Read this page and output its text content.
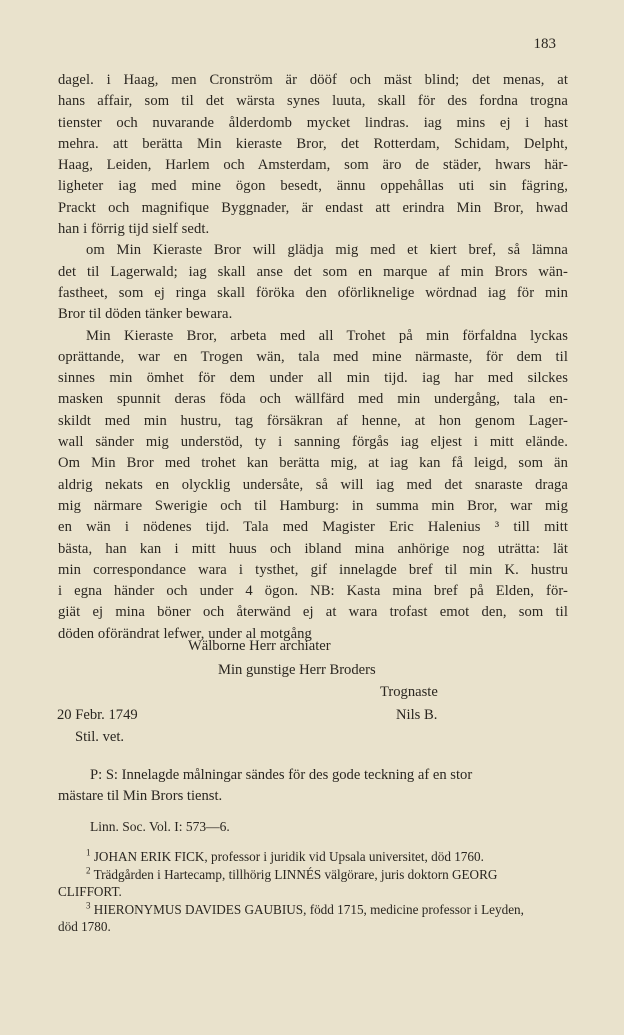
183
dagel. i Haag, men Cronström är dööf och mäst blind; det menas, at
hans affair, som til det wärsta synes luuta, skall för des fordna trogna
tienster och nuvarande ålderdomb mycket lindras. iag mins ej i hast
mehra. att berätta Min kieraste Bror, det Rotterdam, Schidam, Delpht,
Haag, Leiden, Harlem och Amsterdam, som äro de städer, hwars här-
ligheter iag med mine ögon besedt, ännu oppehållas uti sin fägring,
Prackt och magnifique Byggnader, är endast att erindra Min Bror, hwad
han i förrig tijd sielf sedt.
om Min Kieraste Bror will glädja mig med et kiert bref, så lämna
det til Lagerwald; iag skall anse det som en marque af min Brors wän-
fastheet, som ej ringa skall föröka den oförliknelige wördnad iag för min
Bror til döden tänker bewara.
Min Kieraste Bror, arbeta med all Trohet på min förfaldna lyckas
oprättande, war en Trogen wän, tala med mine närmaste, för dem til
sinnes min ömhet för dem under all min tijd. iag har med silckes
masken spunnit deras föda och wällfärd med min undergång, tala en-
skildt med min hustru, tag försäkran af henne, at hon genom Lager-
wall sänder mig understöd, ty i sanning förgås iag eljest i mitt elände.
Om Min Bror med trohet kan berätta mig, at iag kan få leigd, som än
aldrig nekats en olycklig undersåte, så will iag med det snaraste draga
mig närmare Swerigie och til Hamburg: in summa min Bror, war mig
en wän i nödenes tijd. Tala med Magister Eric Halenius ³ till mitt
bästa, han kan i mitt huus och ibland mina anhörige nog uträtta: lät
min correspondance wara i tysthet, gif innelagde bref til min K. hustru
i egna händer och under 4 ögon. NB: Kasta mina bref på Elden, för-
giät ej mina böner och återwänd ej at wara trofast emot den, som til
döden oförändrat lefwer, under al motgång
Wälborne Herr archiater
Min gunstige Herr Broders
Trognaste
20 Febr. 1749	Nils B.
Stil. vet.
P: S: Innelagde målningar sändes för des gode teckning af en stor
mästare til Min Brors tienst.
Linn. Soc. Vol. I: 573—6.
$^1$ JOHAN ERIK FICK, professor i juridik vid Upsala universitet, död 1760.
$^2$ Trädgården i Hartecamp, tillhörig LINNÉS välgörare, juris doktorn GEORG
CLIFFORT.
$^3$ HIERONYMUS DAVIDES GAUBIUS, född 1715, medicine professor i Leyden,
död 1780.
